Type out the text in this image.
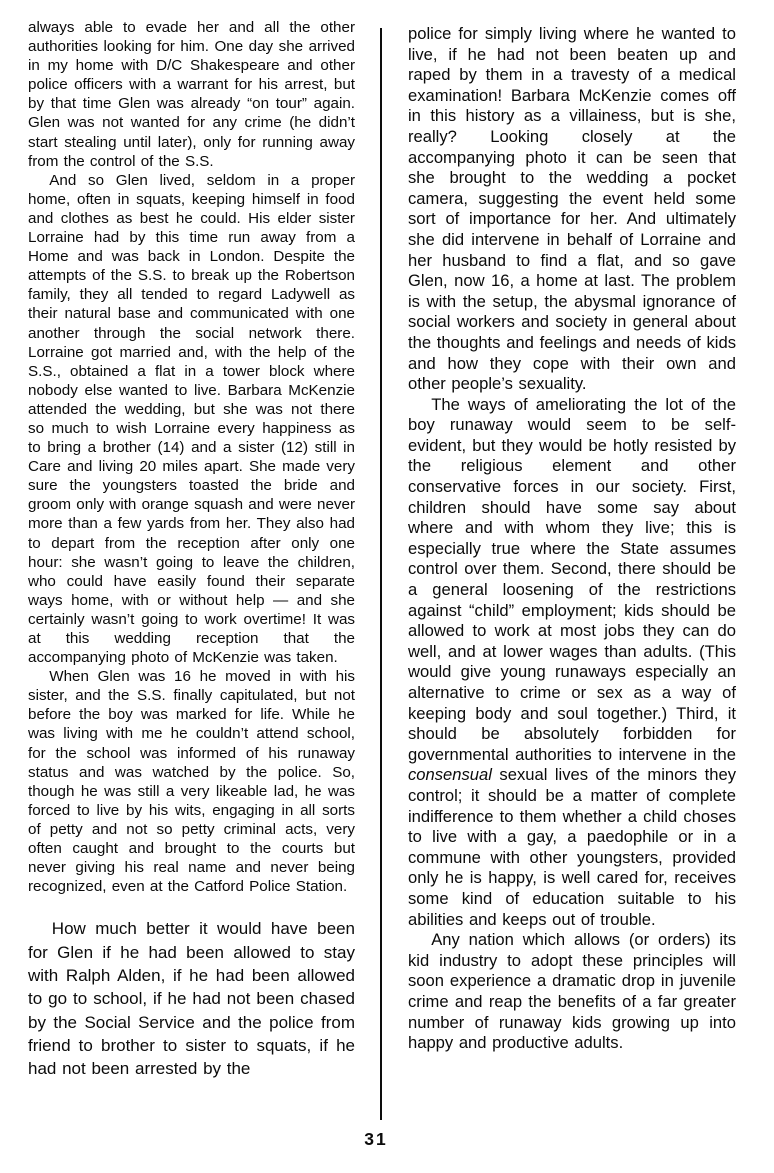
always able to evade her and all the other authorities looking for him. One day she arrived in my home with D/C Shakespeare and other police officers with a warrant for his arrest, but by that time Glen was already “on tour” again. Glen was not wanted for any crime (he didn’t start stealing until later), only for running away from the control of the S.S.

And so Glen lived, seldom in a proper home, often in squats, keeping himself in food and clothes as best he could. His elder sister Lorraine had by this time run away from a Home and was back in London. Despite the attempts of the S.S. to break up the Robertson family, they all tended to regard Ladywell as their natural base and communicated with one another through the social network there. Lorraine got married and, with the help of the S.S., obtained a flat in a tower block where nobody else wanted to live. Barbara McKenzie attended the wedding, but she was not there so much to wish Lorraine every happiness as to bring a brother (14) and a sister (12) still in Care and living 20 miles apart. She made very sure the youngsters toasted the bride and groom only with orange squash and were never more than a few yards from her. They also had to depart from the reception after only one hour: she wasn’t going to leave the children, who could have easily found their separate ways home, with or without help — and she certainly wasn’t going to work overtime! It was at this wedding reception that the accompanying photo of McKenzie was taken.

When Glen was 16 he moved in with his sister, and the S.S. finally capitulated, but not before the boy was marked for life. While he was living with me he couldn’t attend school, for the school was informed of his runaway status and was watched by the police. So, though he was still a very likeable lad, he was forced to live by his wits, engaging in all sorts of petty and not so petty criminal acts, very often caught and brought to the courts but never giving his real name and never being recognized, even at the Catford Police Station.

How much better it would have been for Glen if he had been allowed to stay with Ralph Alden, if he had been allowed to go to school, if he had not been chased by the Social Service and the police from friend to brother to sister to squats, if he had not been arrested by the

police for simply living where he wanted to live, if he had not been beaten up and raped by them in a travesty of a medical examination! Barbara McKenzie comes off in this history as a villainess, but is she, really? Looking closely at the accompanying photo it can be seen that she brought to the wedding a pocket camera, suggesting the event held some sort of importance for her. And ultimately she did intervene in behalf of Lorraine and her husband to find a flat, and so gave Glen, now 16, a home at last. The problem is with the setup, the abysmal ignorance of social workers and society in general about the thoughts and feelings and needs of kids and how they cope with their own and other people’s sexuality.

The ways of ameliorating the lot of the boy runaway would seem to be self-evident, but they would be hotly resisted by the religious element and other conservative forces in our society. First, children should have some say about where and with whom they live; this is especially true where the State assumes control over them. Second, there should be a general loosening of the restrictions against “child” employment; kids should be allowed to work at most jobs they can do well, and at lower wages than adults. (This would give young runaways especially an alternative to crime or sex as a way of keeping body and soul together.) Third, it should be absolutely forbidden for governmental authorities to intervene in the consensual sexual lives of the minors they control; it should be a matter of complete indifference to them whether a child choses to live with a gay, a paedophile or in a commune with other youngsters, provided only he is happy, is well cared for, receives some kind of education suitable to his abilities and keeps out of trouble.

Any nation which allows (or orders) its kid industry to adopt these principles will soon experience a dramatic drop in juvenile crime and reap the benefits of a far greater number of runaway kids growing up into happy and productive adults.

31
